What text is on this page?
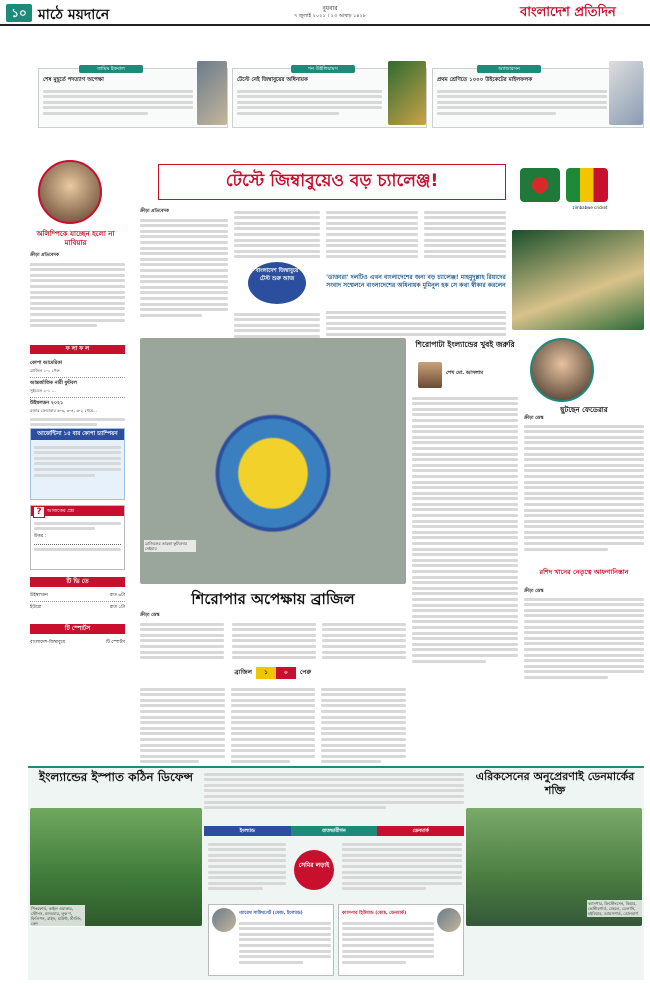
১০ মাঠে ময়দানে	বুধবার
৭ জুলাই ২০২১ । ২৩ আষাঢ় ১৪২৮	বাংলাদেশ প্রতিদিন
তামিম ইকবাল
শেষ মুহূর্তে পদত্যাগ অপেক্ষা
শন উইলিয়ামস
টেস্টে নেই জিম্বাবুয়ের অধিনায়ক
অ্যান্ডারসন
প্রথম শ্রেণিতে ১০০০ উইকেটের মাইলফলক
অলিম্পিকে যাচ্ছেন হলো না মাবিয়ার
ক্রীড়া প্রতিবেদক
ফ লা ফ ল
কোপা আমেরিকা
ব্রাজিল ১-০ পেরু
আন্তর্জাতিক নারী ফুটবল
সুইডেন ২-১ ...
উইম্বলডন ২০২১
রজার ফেডারার ৬-৩, ৬-৪, ৬-২ গেমে...
আর্জেন্টিনা ১৫ বার কোপা চ্যাম্পিয়ন
আজকের প্রশ্ন
?
উত্তর :
টি ভি তে
উইম্বলডন	রাত ৬টা
ইউরো	রাত ১টা
টি স্পোর্টস
বাংলাদেশ-জিম্বাবুয়ে	টি স্পোর্টস
টেস্টে জিম্বাবুয়েও বড় চ্যালেঞ্জ!
zimbabwe cricket
ক্রীড়া প্রতিবেদক
বাংলাদেশ জিম্বাবুয়ে টেস্ট শুরু আজ	'ডাক্তারা' দলটিও এখন বাংলাদেশের জন্য বড় চ্যালেঞ্জ! মাহমুদুল্লাহ রিয়াদের সংবাদ সম্মেলনে বাংলাদেশের অধিনায়ক মুমিনুল হক সে কথা স্বীকার করলেন
ব্রাজিলের তারকা ফুটবলার নেইমার
শিরোপার অপেক্ষায় ব্রাজিল
ক্রীড়া ডেস্ক
ব্রাজিল	১	০	পেরু
শিরোপাটা ইংল্যান্ডের খুবই জরুরি
শেখ মো. আসলাম
ছুটছেন ফেডেরার
ক্রীড়া ডেস্ক
রশিদ খানের নেতৃত্বে আফগানিস্তান
ক্রীড়া ডেস্ক
ইংল্যান্ডের ইস্পাত কঠিন ডিফেন্স	এরিকসেনের অনুপ্রেরণাই ডেনমার্কের শক্তি
ইংল্যান্ড	রাতভারীগন	ডেনমার্ক
পিকফোর্ড, কাইল ওয়াকার, স্টোনস, ম্যাগুয়ার, লুক শ, ফিলিপস, রাইস, মাউন্ট, স্টার্লিং, কেন
ক্যাসপার, ক্রিস্টেনসেন, কিয়ার, ভেস্টারগার্ড, মেহলে, ডেলানি, হইবিয়ার, ড্যামসগার্ড, ডোলবার্গ
সেমির লড়াই
গ্যারেথ সাউথগেট (কোচ, ইংল্যান্ড)	ক্যাসপার হিউমান্ড (কোচ, ডেনমার্ক)
